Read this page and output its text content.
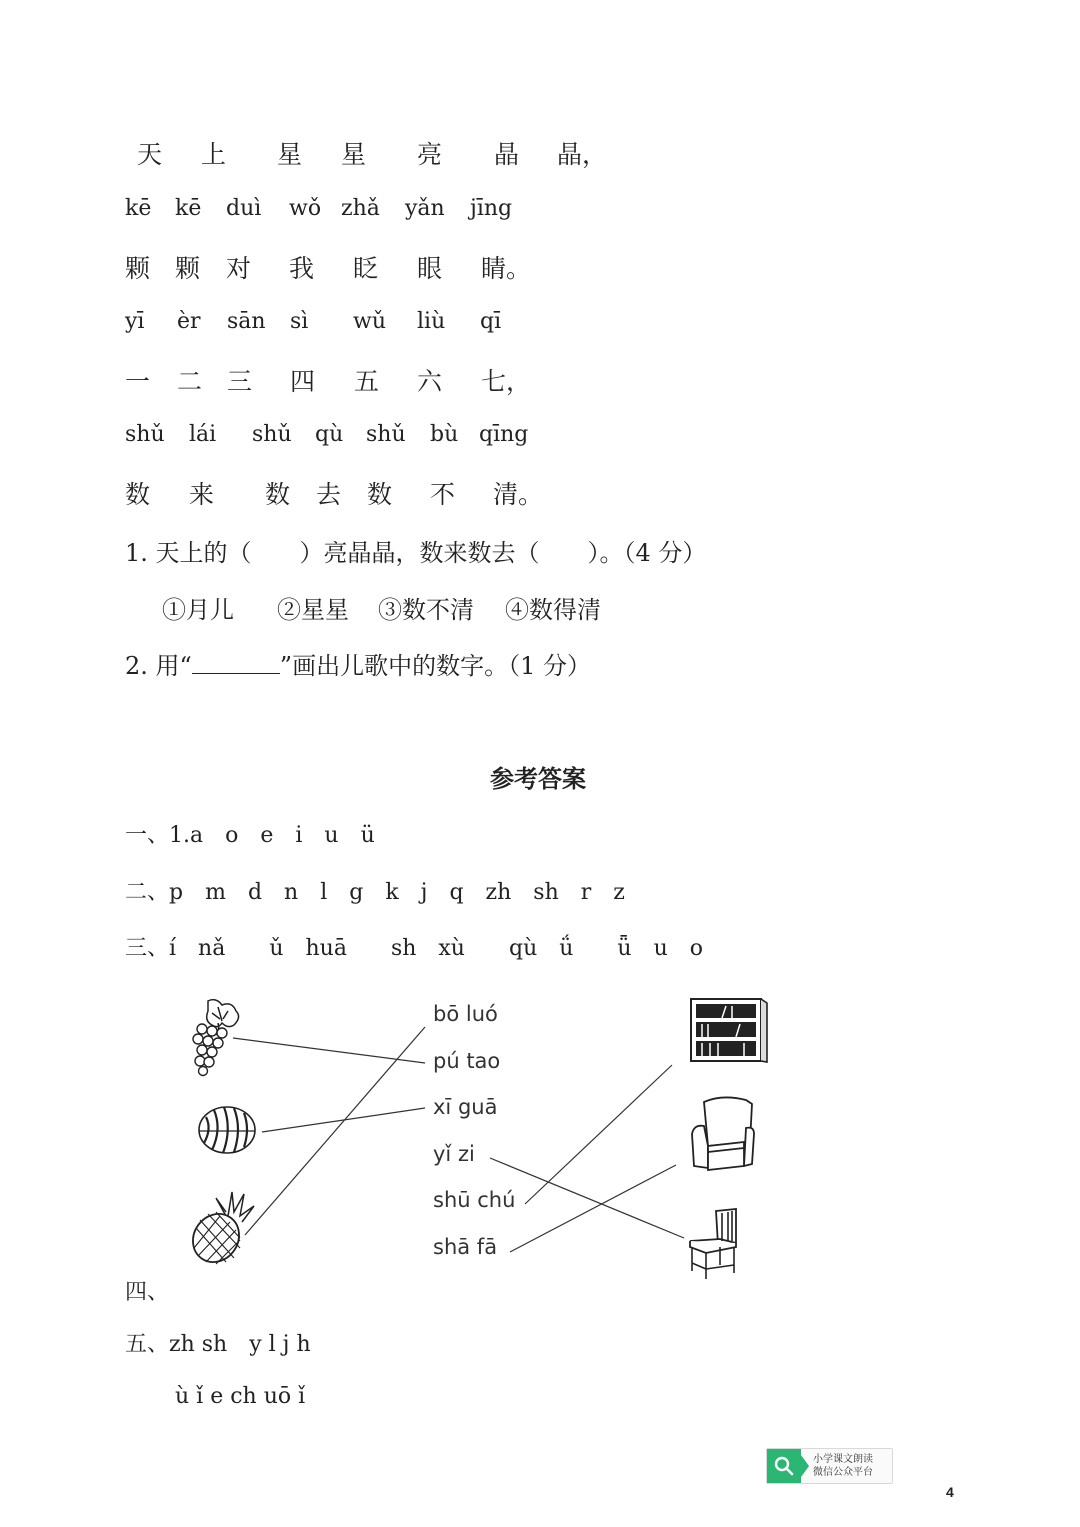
天 上 星 星 亮 晶 晶，
kē kē duì wǒ zhǎ yǎn jīng
颗 颗 对 我 眨 眼 睛。
yī èr sān sì wǔ liù qī
一 二 三 四 五 六 七，
shǔ lái shǔ qù shǔ bù qīng
数 来 数 去 数 不 清。
1. 天上的（　　）亮晶晶，数来数去（　　）。（4 分）
①月儿 ②星星 ③数不清 ④数得清
2. 用“	”画出儿歌中的数字。（1 分）
参考答案
一、1.a　o　e　i　u　ü
二、p　m　d　n　l　g　k　j　q　zh　sh　r　z
三、í　nǎ　　ǔ　huā　　sh　xù　　qù　ǘ　　ǖ　u　o
bō luó
pú tao
xī guā
yǐ zi
shū chú
shā fā
四、
五、zh sh　y l j h
ù ǐ e ch uō ǐ
小学课文朗读
微信公众平台
4
